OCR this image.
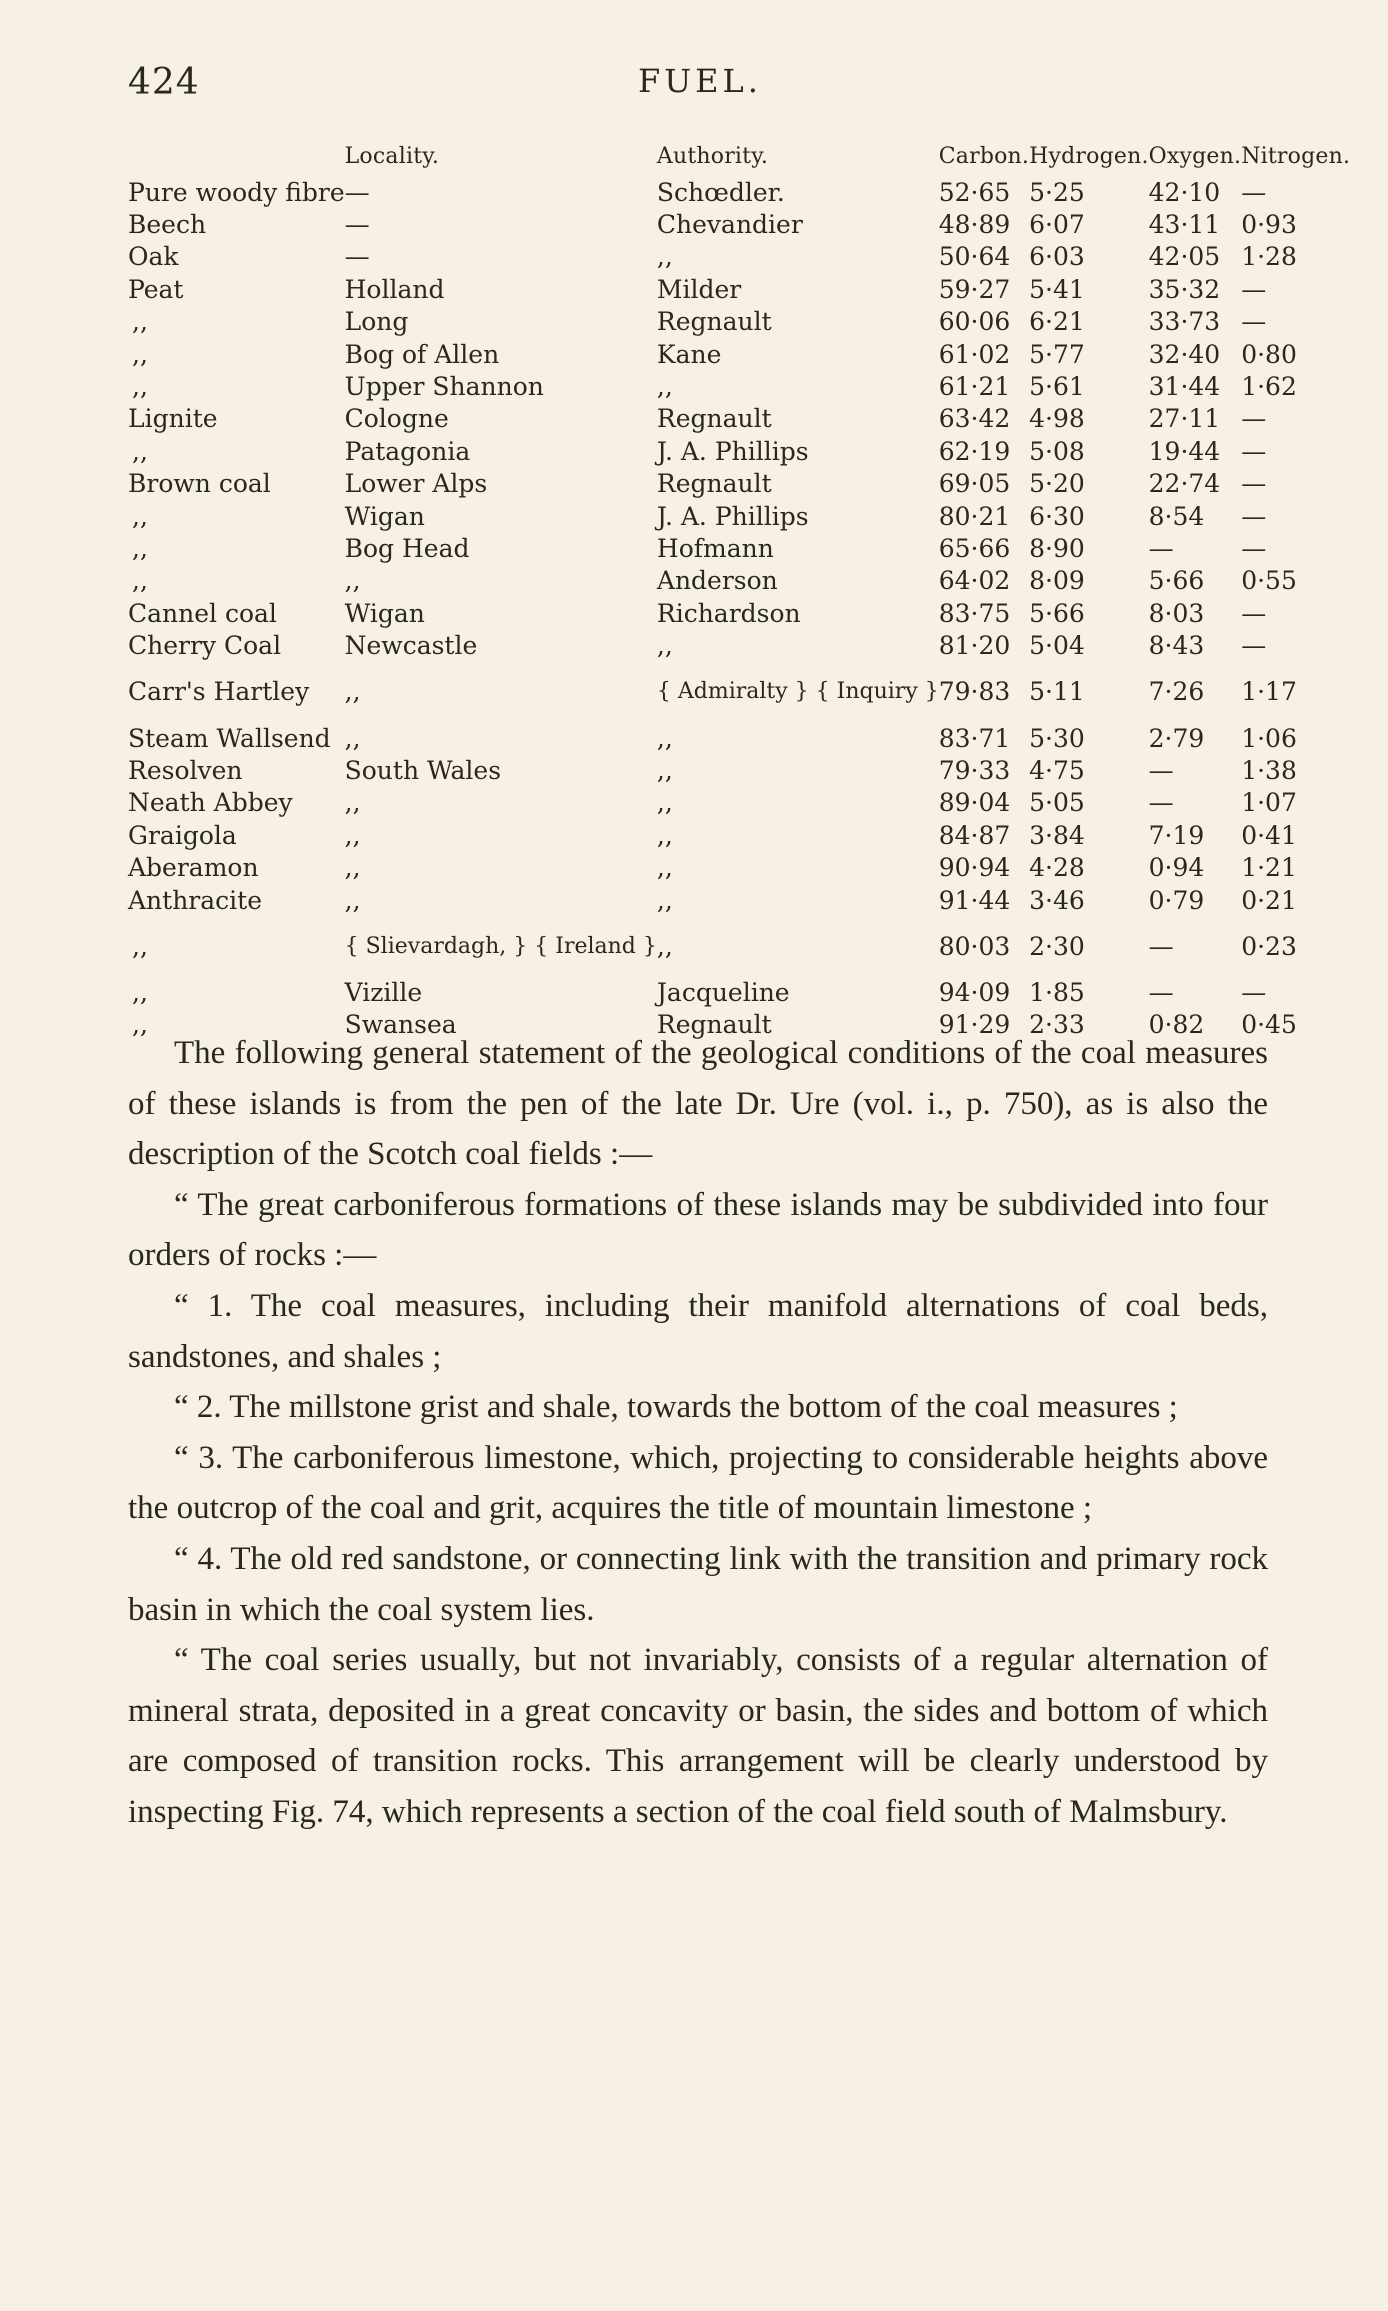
424	FUEL.
	Locality.	Authority.	Carbon.	Hydrogen.	Oxygen.	Nitrogen.
Pure woody fibre	—	Schœdler.	52·65	5·25	42·10	—
Beech	—	Chevandier	48·89	6·07	43·11	0·93
Oak	—	,,	50·64	6·03	42·05	1·28
Peat	Holland	Milder	59·27	5·41	35·32	—
,,	Long	Regnault	60·06	6·21	33·73	—
,,	Bog of Allen	Kane	61·02	5·77	32·40	0·80
,,	Upper Shannon	,,	61·21	5·61	31·44	1·62
Lignite	Cologne	Regnault	63·42	4·98	27·11	—
,,	Patagonia	J. A. Phillips	62·19	5·08	19·44	—
Brown coal	Lower Alps	Regnault	69·05	5·20	22·74	—
,,	Wigan	J. A. Phillips	80·21	6·30	8·54	—
,,	Bog Head	Hofmann	65·66	8·90	—	—
,,	,,	Anderson	64·02	8·09	5·66	0·55
Cannel coal	Wigan	Richardson	83·75	5·66	8·03	—
Cherry Coal	Newcastle	,,	81·20	5·04	8·43	—
Carr's Hartley	,,	{ Admiralty } { Inquiry }	79·83	5·11	7·26	1·17
Steam Wallsend	,,	,,	83·71	5·30	2·79	1·06
Resolven	South Wales	,,	79·33	4·75	—	1·38
Neath Abbey	,,	,,	89·04	5·05	—	1·07
Graigola	,,	,,	84·87	3·84	7·19	0·41
Aberamon	,,	,,	90·94	4·28	0·94	1·21
Anthracite	,,	,,	91·44	3·46	0·79	0·21
,,	{ Slievardagh, } { Ireland }	,,	80·03	2·30	—	0·23
,,	Vizille	Jacqueline	94·09	1·85	—	—
,,	Swansea	Regnault	91·29	2·33	0·82	0·45

The following general statement of the geological conditions of the coal measures of these islands is from the pen of the late Dr. Ure (vol. i., p. 750), as is also the description of the Scotch coal fields :—

“ The great carboniferous formations of these islands may be subdivided into four orders of rocks :—

“ 1. The coal measures, including their manifold alternations of coal beds, sandstones, and shales ;

“ 2. The millstone grist and shale, towards the bottom of the coal measures ;

“ 3. The carboniferous limestone, which, projecting to considerable heights above the outcrop of the coal and grit, acquires the title of mountain limestone ;

“ 4. The old red sandstone, or connecting link with the transition and primary rock basin in which the coal system lies.

“ The coal series usually, but not invariably, consists of a regular alternation of mineral strata, deposited in a great concavity or basin, the sides and bottom of which are composed of transition rocks. This arrangement will be clearly understood by inspecting Fig. 74, which represents a section of the coal field south of Malmsbury.
